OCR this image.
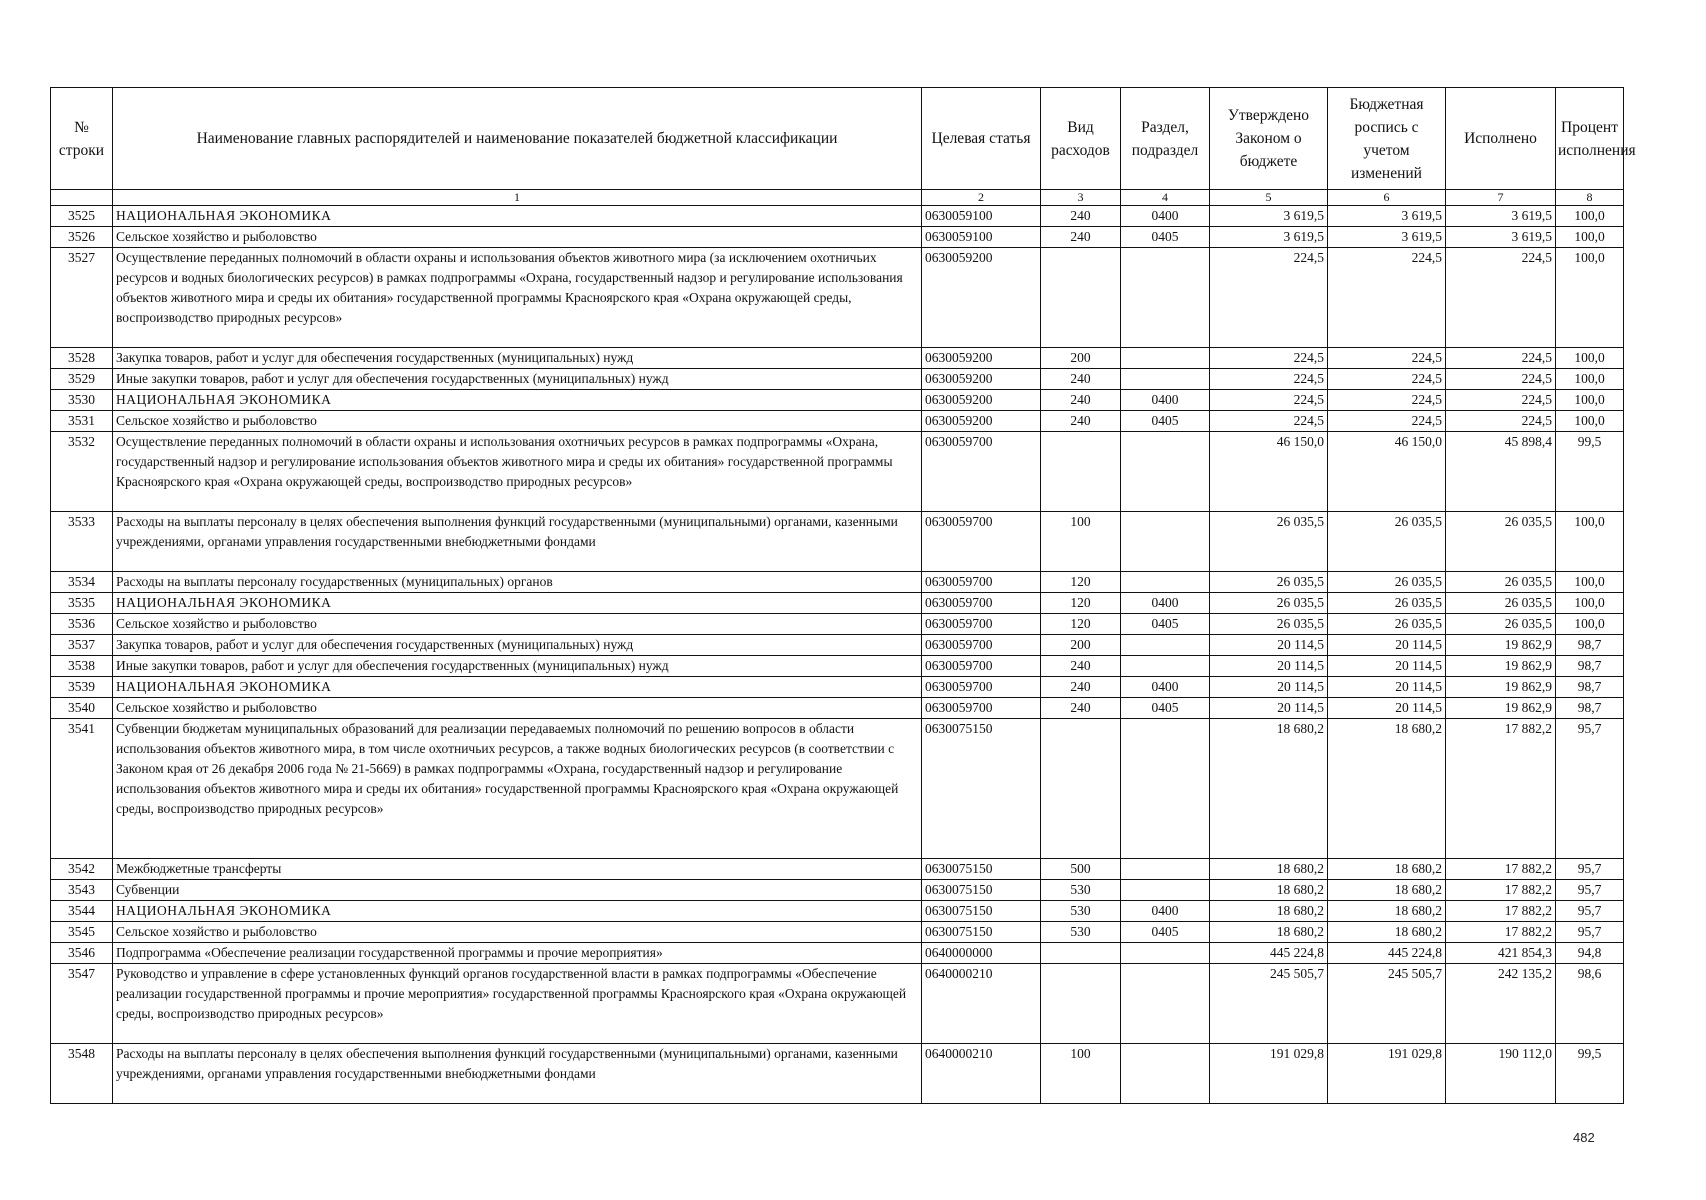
№ строки	Наименование главных распорядителей и наименование показателей бюджетной классификации	Целевая статья	Вид расходов	Раздел, подраздел	Утверждено Законом о бюджете	Бюджетная роспись с учетом изменений	Исполнено	Процент исполнения
	1	2	3	4	5	6	7	8
3525	НАЦИОНАЛЬНАЯ ЭКОНОМИКА	0630059100	240	0400	3 619,5	3 619,5	3 619,5	100,0
3526	Сельское хозяйство и рыболовство	0630059100	240	0405	3 619,5	3 619,5	3 619,5	100,0
3527	Осуществление переданных полномочий в области охраны и использования объектов животного мира (за исключением охотничьих ресурсов и водных биологических ресурсов) в рамках подпрограммы «Охрана, государственный надзор и регулирование использования объектов животного мира и среды их обитания» государственной программы Красноярского края «Охрана окружающей среды, воспроизводство природных ресурсов»	0630059200			224,5	224,5	224,5	100,0
3528	Закупка товаров, работ и услуг для обеспечения государственных (муниципальных) нужд	0630059200	200		224,5	224,5	224,5	100,0
3529	Иные закупки товаров, работ и услуг для обеспечения государственных (муниципальных) нужд	0630059200	240		224,5	224,5	224,5	100,0
3530	НАЦИОНАЛЬНАЯ ЭКОНОМИКА	0630059200	240	0400	224,5	224,5	224,5	100,0
3531	Сельское хозяйство и рыболовство	0630059200	240	0405	224,5	224,5	224,5	100,0
3532	Осуществление переданных полномочий в области охраны и использования охотничьих ресурсов в рамках подпрограммы «Охрана, государственный надзор и регулирование использования объектов животного мира и среды их обитания» государственной программы Красноярского края «Охрана окружающей среды, воспроизводство природных ресурсов»	0630059700			46 150,0	46 150,0	45 898,4	99,5
3533	Расходы на выплаты персоналу в целях обеспечения выполнения функций государственными (муниципальными) органами, казенными учреждениями, органами управления государственными внебюджетными фондами	0630059700	100		26 035,5	26 035,5	26 035,5	100,0
3534	Расходы на выплаты персоналу государственных (муниципальных) органов	0630059700	120		26 035,5	26 035,5	26 035,5	100,0
3535	НАЦИОНАЛЬНАЯ ЭКОНОМИКА	0630059700	120	0400	26 035,5	26 035,5	26 035,5	100,0
3536	Сельское хозяйство и рыболовство	0630059700	120	0405	26 035,5	26 035,5	26 035,5	100,0
3537	Закупка товаров, работ и услуг для обеспечения государственных (муниципальных) нужд	0630059700	200		20 114,5	20 114,5	19 862,9	98,7
3538	Иные закупки товаров, работ и услуг для обеспечения государственных (муниципальных) нужд	0630059700	240		20 114,5	20 114,5	19 862,9	98,7
3539	НАЦИОНАЛЬНАЯ ЭКОНОМИКА	0630059700	240	0400	20 114,5	20 114,5	19 862,9	98,7
3540	Сельское хозяйство и рыболовство	0630059700	240	0405	20 114,5	20 114,5	19 862,9	98,7
3541	Субвенции бюджетам муниципальных образований для реализации передаваемых полномочий по решению вопросов в области использования объектов животного мира, в том числе охотничьих ресурсов, а также водных биологических ресурсов (в соответствии с Законом края от 26 декабря 2006 года № 21-5669) в рамках подпрограммы «Охрана, государственный надзор и регулирование использования объектов животного мира и среды их обитания» государственной программы Красноярского края «Охрана окружающей среды, воспроизводство природных ресурсов»	0630075150			18 680,2	18 680,2	17 882,2	95,7
3542	Межбюджетные трансферты	0630075150	500		18 680,2	18 680,2	17 882,2	95,7
3543	Субвенции	0630075150	530		18 680,2	18 680,2	17 882,2	95,7
3544	НАЦИОНАЛЬНАЯ ЭКОНОМИКА	0630075150	530	0400	18 680,2	18 680,2	17 882,2	95,7
3545	Сельское хозяйство и рыболовство	0630075150	530	0405	18 680,2	18 680,2	17 882,2	95,7
3546	Подпрограмма «Обеспечение реализации государственной программы и прочие мероприятия»	0640000000			445 224,8	445 224,8	421 854,3	94,8
3547	Руководство и управление в сфере установленных функций органов государственной власти в рамках подпрограммы «Обеспечение реализации государственной программы и прочие мероприятия» государственной программы Красноярского края «Охрана окружающей среды, воспроизводство природных ресурсов»	0640000210			245 505,7	245 505,7	242 135,2	98,6
3548	Расходы на выплаты персоналу в целях обеспечения выполнения функций государственными (муниципальными) органами, казенными учреждениями, органами управления государственными внебюджетными фондами	0640000210	100		191 029,8	191 029,8	190 112,0	99,5
482
